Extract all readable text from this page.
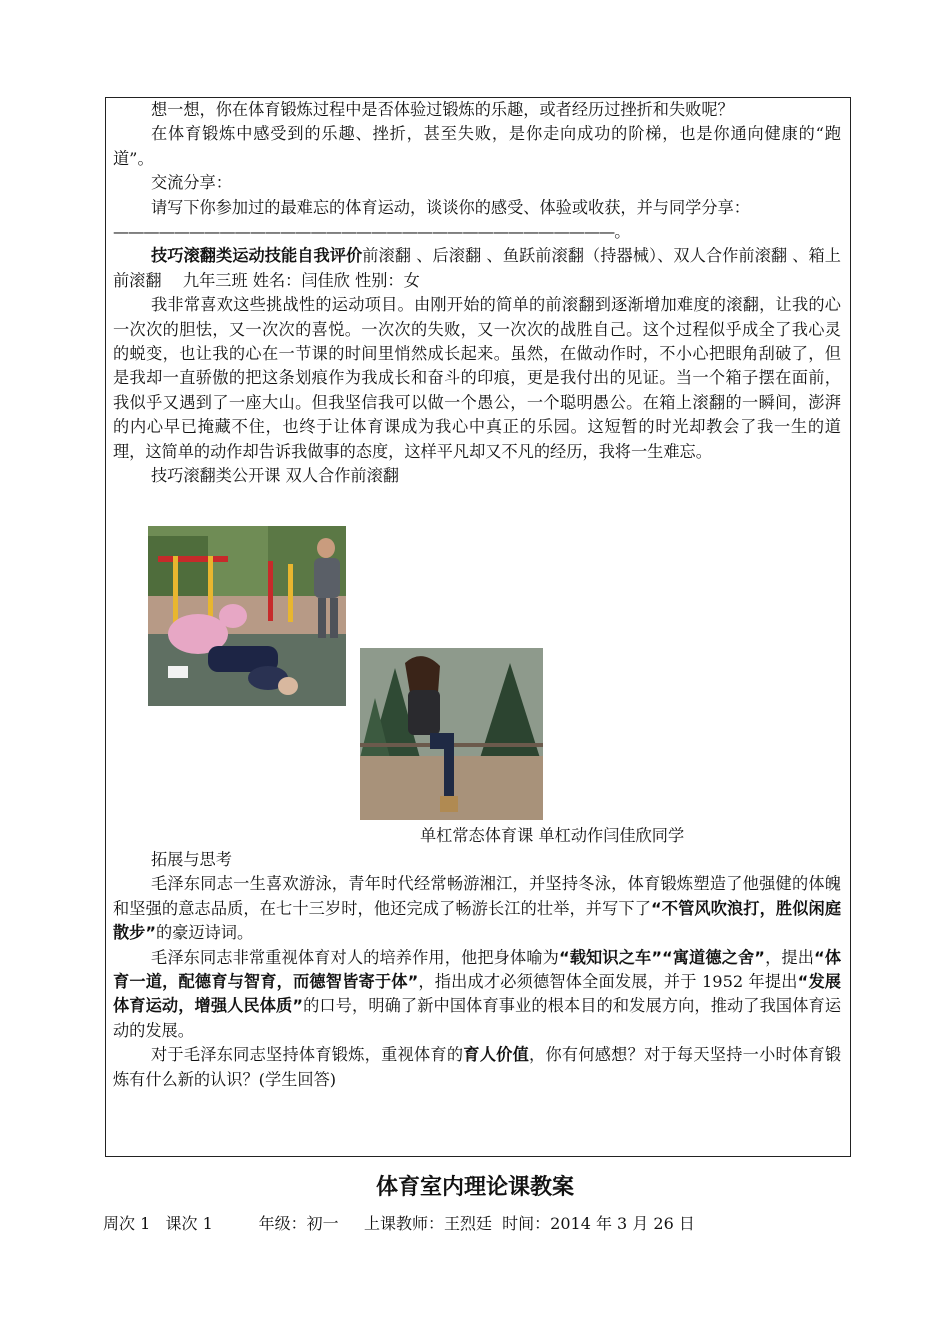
想一想，你在体育锻炼过程中是否体验过锻炼的乐趣，或者经历过挫折和失败呢？

在体育锻炼中感受到的乐趣、挫折，甚至失败，是你走向成功的阶梯，也是你通向健康的“跑道”。

交流分享：

请写下你参加过的最难忘的体育运动，谈谈你的感受、体验或收获，并与同学分享：

—————————————————————————————————。

技巧滚翻类运动技能自我评价前滚翻 、后滚翻 、鱼跃前滚翻（持器械）、双人合作前滚翻 、箱上前滚翻　 九年三班 姓名：闫佳欣 性别：女

我非常喜欢这些挑战性的运动项目。由刚开始的简单的前滚翻到逐渐增加难度的滚翻，让我的心一次次的胆怯，又一次次的喜悦。一次次的失败，又一次次的战胜自己。这个过程似乎成全了我心灵的蜕变，也让我的心在一节课的时间里悄然成长起来。虽然，在做动作时，不小心把眼角刮破了，但是我却一直骄傲的把这条划痕作为我成长和奋斗的印痕，更是我付出的见证。当一个箱子摆在面前，我似乎又遇到了一座大山。但我坚信我可以做一个愚公，一个聪明愚公。在箱上滚翻的一瞬间，澎湃的内心早已掩藏不住，也终于让体育课成为我心中真正的乐园。这短暂的时光却教会了我一生的道理，这简单的动作却告诉我做事的态度，这样平凡却又不凡的经历，我将一生难忘。

技巧滚翻类公开课 双人合作前滚翻

单杠常态体育课 单杠动作闫佳欣同学

拓展与思考

毛泽东同志一生喜欢游泳，青年时代经常畅游湘江，并坚持冬泳，体育锻炼塑造了他强健的体魄和坚强的意志品质，在七十三岁时，他还完成了畅游长江的壮举，并写下了“不管风吹浪打，胜似闲庭散步”的豪迈诗词。

毛泽东同志非常重视体育对人的培养作用，他把身体喻为“载知识之车”“寓道德之舍”，提出“体育一道，配德育与智育，而德智皆寄于体”，指出成才必须德智体全面发展，并于 1952 年提出“发展体育运动，增强人民体质”的口号，明确了新中国体育事业的根本目的和发展方向，推动了我国体育运动的发展。

对于毛泽东同志坚持体育锻炼，重视体育的育人价值，你有何感想？对于每天坚持一小时体育锻炼有什么新的认识？(学生回答)

体育室内理论课教案
周次 1   课次 1         年级：初一     上课教师：王烈廷  时间：2014 年 3 月 26 日
